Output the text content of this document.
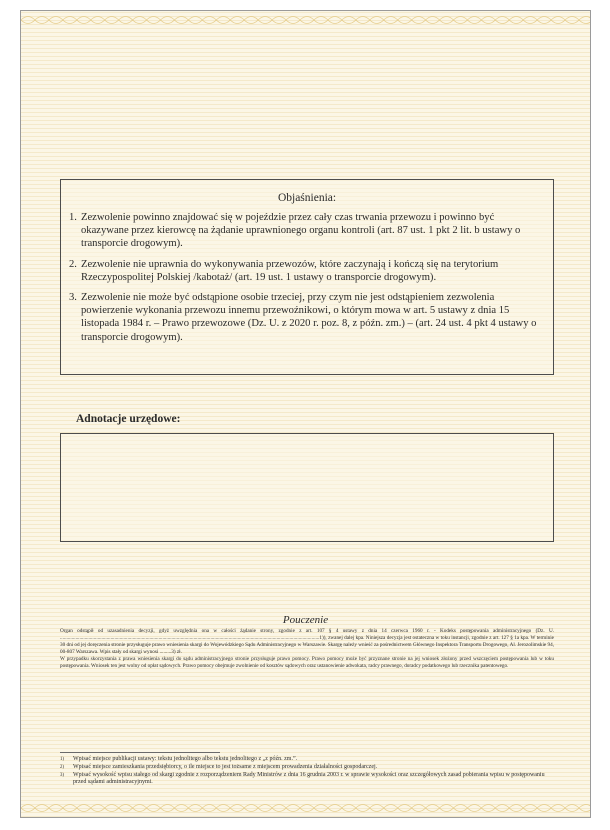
Objaśnienia:
1. Zezwolenie powinno znajdować się w pojeździe przez cały czas trwania przewozu i powinno być okazywane przez kierowcę na żądanie uprawnionego organu kontroli (art. 87 ust. 1 pkt 2 lit. b ustawy o transporcie drogowym).
2. Zezwolenie nie uprawnia do wykonywania przewozów, które zaczynają i kończą się na terytorium Rzeczypospolitej Polskiej /kabotaż/ (art. 19 ust. 1 ustawy o transporcie drogowym).
3. Zezwolenie nie może być odstąpione osobie trzeciej, przy czym nie jest odstąpieniem zezwolenia powierzenie wykonania przewozu innemu przewoźnikowi, o którym mowa w art. 5 ustawy z dnia 15 listopada 1984 r. – Prawo przewozowe (Dz. U. z 2020 r. poz. 8, z późn. zm.) – (art. 24 ust. 4 pkt 4 ustawy o transporcie drogowym).
Adnotacje urzędowe:
Pouczenie

Organ odstąpił od uzasadnienia decyzji, gdyż uwzględnia ona w całości żądanie strony, zgodnie z art. 107 § 4 ustawy z dnia 14 czerwca 1960 r. - Kodeks postępowania administracyjnego (Dz. U. ........................................................................................................................................................................................................1)), zwanej dalej kpa. Niniejsza decyzja jest ostateczna w toku instancji, zgodnie z art. 127 § 1a kpa. W terminie 30 dni od jej doręczenia stronie przysługuje prawo wniesienia skargi do Wojewódzkiego Sądu Administracyjnego w Warszawie. Skargę należy wnieść za pośrednictwem Głównego Inspektora Transportu Drogowego, Al. Jerozolimskie 94, 00-807 Warszawa. Wpis stały od skargi wynosi .........3) zł.

W przypadku skorzystania z prawa wniesienia skargi do sądu administracyjnego stronie przysługuje prawo pomocy. Prawo pomocy może być przyznane stronie na jej wniosek złożony przed wszczęciem postępowania lub w toku postępowania. Wniosek ten jest wolny od opłat sądowych. Prawo pomocy obejmuje zwolnienie od kosztów sądowych oraz ustanowienie adwokata, radcy prawnego, doradcy podatkowego lub rzecznika patentowego.

1)	Wpisać miejsce publikacji ustawy: tekstu jednolitego albo tekstu jednolitego z „z późn. zm.”.
2)	Wpisać miejsce zamieszkania przedsiębiorcy, o ile miejsce to jest tożsame z miejscem prowadzenia działalności gospodarczej.
3)	Wpisać wysokość wpisu stałego od skargi zgodnie z rozporządzeniem Rady Ministrów z dnia 16 grudnia 2003 r. w sprawie wysokości oraz szczegółowych zasad pobierania wpisu w postępowaniu przed sądami administracyjnymi.
